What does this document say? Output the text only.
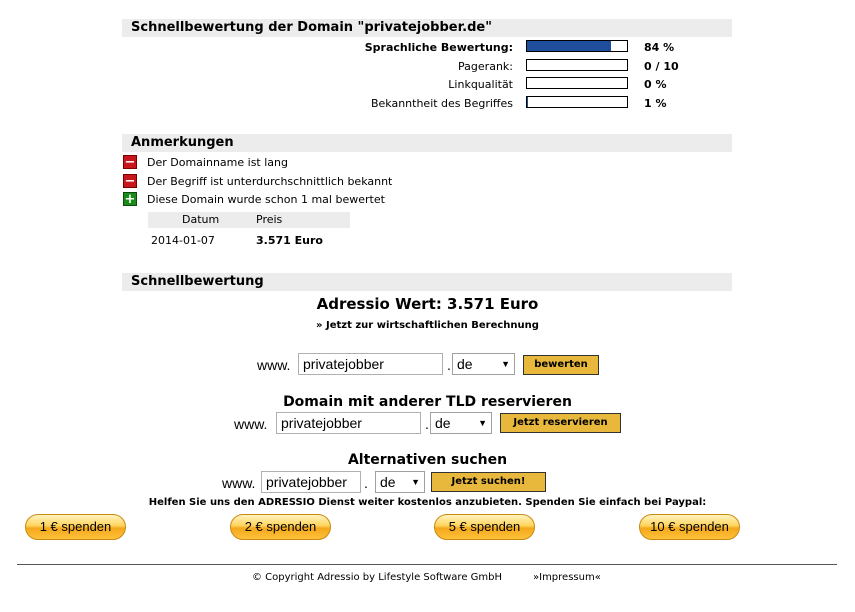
Schnellbewertung der Domain "privatejobber.de"
Sprachliche Bewertung:	84 %
Pagerank:	0 / 10
Linkqualität	0 %
Bekanntheit des Begriffes	1 %
Anmerkungen
− Der Domainname ist lang
− Der Begriff ist unterdurchschnittlich bekannt
+ Diese Domain wurde schon 1 mal bewertet
Datum	Preis
2014-01-07	3.571 Euro
Schnellbewertung
Adressio Wert: 3.571 Euro
» Jetzt zur wirtschaftlichen Berechnung
www. privatejobber	. de	▼	bewerten
Domain mit anderer TLD reservieren
www. privatejobber	. de	▼	Jetzt reservieren
Alternativen suchen
www. privatejobber	. de ▼	Jetzt suchen!
Helfen Sie uns den ADRESSIO Dienst weiter kostenlos anzubieten. Spenden Sie einfach bei Paypal:
1 € spenden	2 € spenden	5 € spenden	10 € spenden
© Copyright Adressio by Lifestyle Software GmbH	»Impressum«
